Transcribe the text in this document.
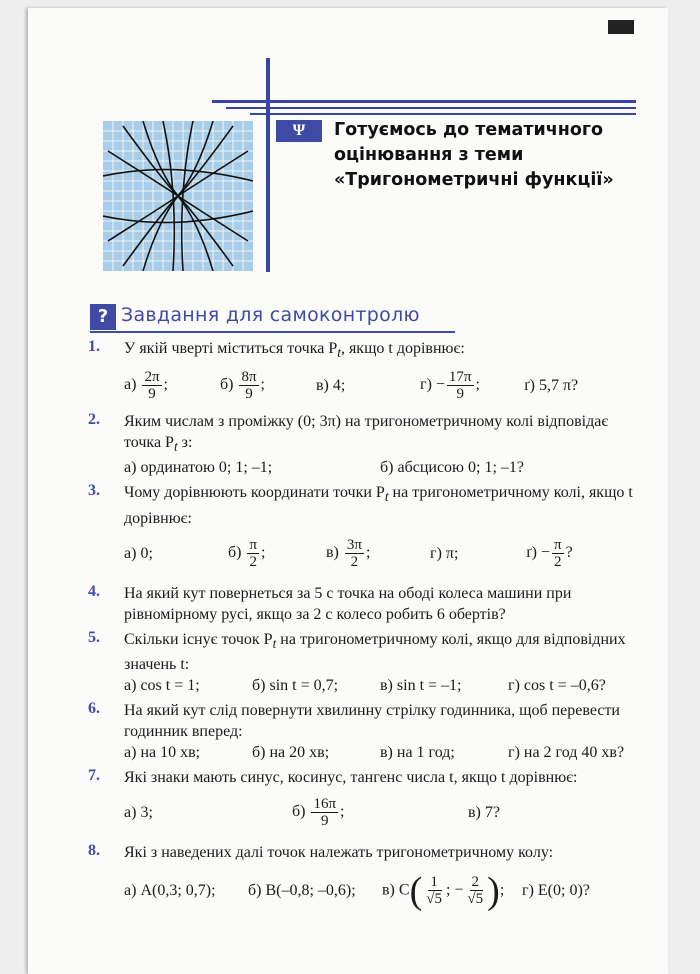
Ψ	Готуємось до тематичного оцінювання з теми «Тригонометричні функції»
? Завдання для самоконтролю
1.	У якій чверті міститься точка $P_t$, якщо t дорівнює:
$а) \frac{2\pi}{9}$ ;	$б) \frac{8\pi}{9}$ ;	в) 4;	$г) - \frac{17\pi}{9}$ ;	ґ) 5,7 π?
2.	Яким числам з проміжку (0; 3π) на тригонометричному колі відповідає точка $P_t$ з:
а) ординатою 0; 1; –1;	б) абсцисою 0; 1; –1?
3.	Чому дорівнюють координати точки $P_t$ на тригонометричному колі, якщо t дорівнює:
а) 0;	$б) \frac{\pi}{2}$ ;	$в) \frac{3\pi}{2}$ ;	г) π;	$ґ) - \frac{\pi}{2}$ ?
4.	На який кут повернеться за 5 с точка на ободі колеса машини при рівномірному русі, якщо за 2 с колесо робить 6 обертів?
5.	Скільки існує точок $P_t$ на тригонометричному колі, якщо для відповідних значень t:
а) cos t = 1;	б) sin t = 0,7;	в) sin t = –1;	г) cos t = –0,6?
6.	На який кут слід повернути хвилинну стрілку годинника, щоб перевести годинник вперед:
а) на 10 хв;	б) на 20 хв;	в) на 1 год;	г) на 2 год 40 хв?
7.	Які знаки мають синус, косинус, тангенс числа t, якщо t дорівнює:
а) 3;	$б) \frac{16\pi}{9}$ ;	в) 7?
8.	Які з наведених далі точок належать тригонометричному колу:
а) A(0,3; 0,7);	б) B(–0,8; –0,6);	в) $C( \frac{1}{√5}$ ; − $\frac{2}{√5}$ );	г) E(0; 0)?
